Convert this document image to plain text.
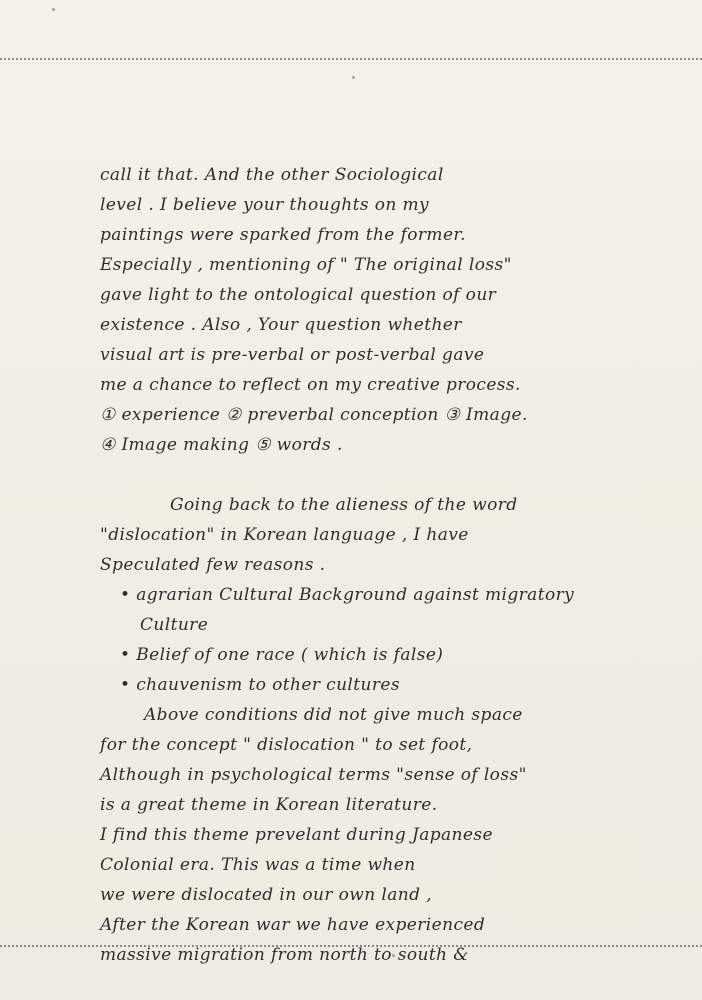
call it that. And the other Sociological
level . I believe your thoughts on my
paintings were sparked from the former.
Especially , mentioning of " The original loss"
gave light to the ontological question of our
existence . Also , Your question whether
visual art is pre-verbal or post-verbal gave
me a chance to reflect on my creative process.
① experience ② preverbal conception ③ Image.
④ Image making ⑤ words .
Going back to the alieness of the word
"dislocation" in Korean language , I have
Speculated few reasons .
• agrarian Cultural Background against migratory
Culture
• Belief of one race ( which is false)
• chauvenism to other cultures
Above conditions did not give much space
for the concept " dislocation " to set foot,
Although in psychological terms "sense of loss"
is a great theme in Korean literature.
I find this theme prevelant during Japanese
Colonial era. This was a time when
we were dislocated in our own land ,
After the Korean war we have experienced
massive migration from north to south &
